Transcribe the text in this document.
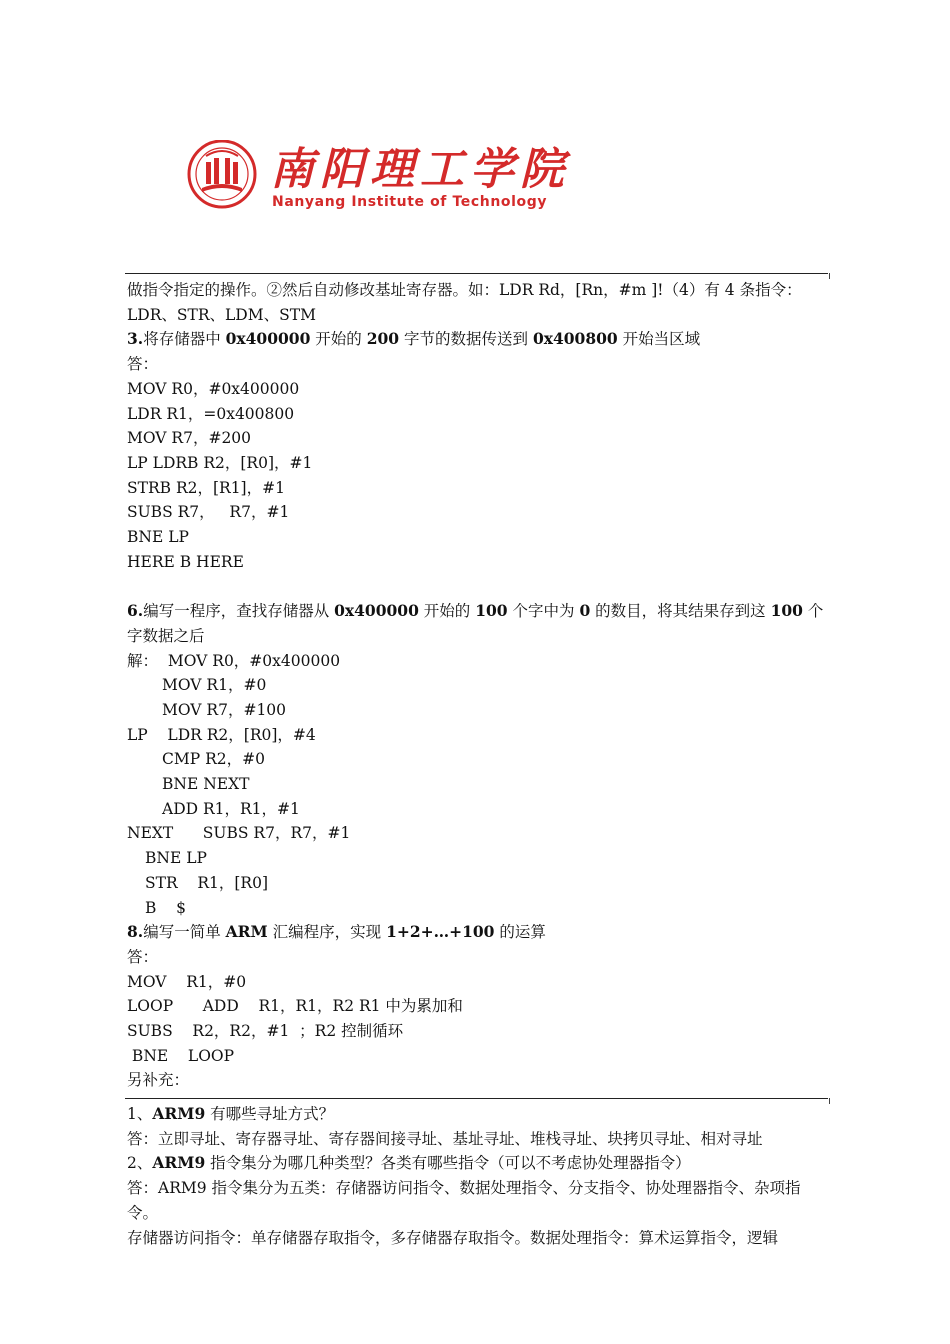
南阳理工学院
Nanyang Institute of Technology

做指令指定的操作。②然后自动修改基址寄存器。如：LDR Rd，[Rn，#m ]!（4）有 4 条指令：

LDR、STR、LDM、STM

3.将存储器中 0x400000 开始的 200 字节的数据传送到 0x400800 开始当区域

答：

MOV R0，#0x400000

LDR R1，=0x400800

MOV R7，#200

LP LDRB R2，[R0]，#1

STRB R2，[R1]，#1

SUBS R7，   R7，#1

BNE LP

HERE B HERE

6.编写一程序，查找存储器从 0x400000 开始的 100 个字中为 0 的数目，将其结果存到这 100 个字数据之后

解：  MOV R0，#0x400000

MOV R1，#0

MOV R7，#100

LP    LDR R2，[R0]，#4

CMP R2，#0

BNE NEXT

ADD R1，R1，#1

NEXT      SUBS R7，R7，#1

BNE LP

STR    R1，[R0]

B    $

8.编写一简单 ARM 汇编程序，实现 1+2+…+100 的运算

答：

MOV    R1，#0

LOOP      ADD    R1，R1，R2 R1 中为累加和

SUBS    R2，R2，#1  ；R2 控制循环

BNE    LOOP

另补充：

1、ARM9 有哪些寻址方式？

答：立即寻址、寄存器寻址、寄存器间接寻址、基址寻址、堆栈寻址、块拷贝寻址、相对寻址

2、ARM9 指令集分为哪几种类型？各类有哪些指令（可以不考虑协处理器指令）

答：ARM9 指令集分为五类：存储器访问指令、数据处理指令、分支指令、协处理器指令、杂项指令。

存储器访问指令：单存储器存取指令，多存储器存取指令。数据处理指令：算术运算指令，逻辑
